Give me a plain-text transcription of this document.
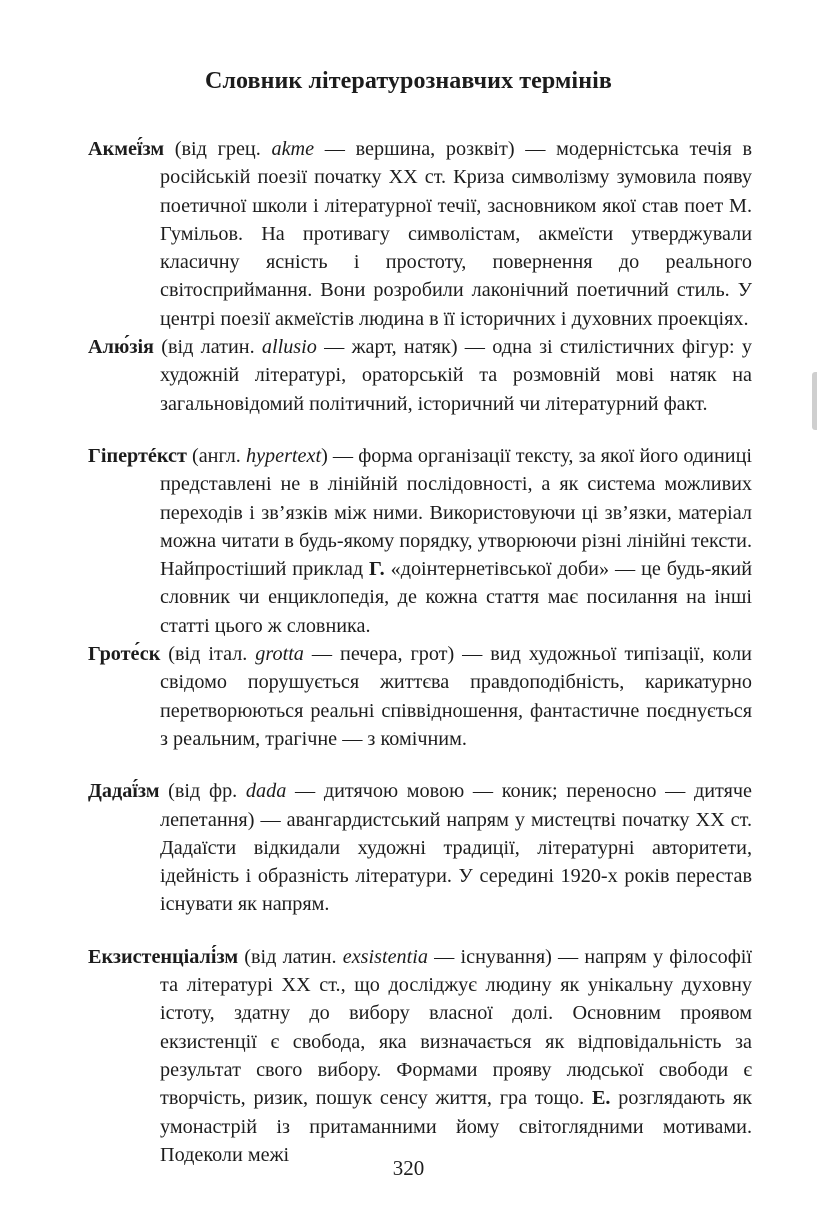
Словник літературознавчих термінів

Акмеї́зм (від грец. akme — вершина, розквіт) — модерністська течія в російській поезії початку XX ст. Криза символізму зумовила появу поетичної школи і літературної течії, засновником якої став поет М. Гумільов. На противагу символістам, акмеїсти утверджували класичну ясність і простоту, повернення до реального світосприймання. Вони розробили лаконічний поетичний стиль. У центрі поезії акмеїстів людина в її історичних і духовних проекціях.

Алю́зія (від латин. allusio — жарт, натяк) — одна зі стилістичних фігур: у художній літературі, ораторській та розмовній мові натяк на загальновідомий політичний, історичний чи літературний факт.

Гіпертéкст (англ. hypertext) — форма організації тексту, за якої його одиниці представлені не в лінійній послідовності, а як система можливих переходів і зв’язків між ними. Використовуючи ці зв’язки, матеріал можна читати в будь-якому порядку, утворюючи різні лінійні тексти. Найпростіший приклад Г. «доінтернетівської доби» — це будь-який словник чи енциклопедія, де кожна стаття має посилання на інші статті цього ж словника.

Гроте́ск (від італ. grotta — печера, грот) — вид художньої типізації, коли свідомо порушується життєва правдоподібність, карикатурно перетворюються реальні співвідношення, фантастичне поєднується з реальним, трагічне — з комічним.

Дадаї́зм (від фр. dada — дитячою мовою — коник; переносно — дитяче лепетання) — авангардистський напрям у мистецтві початку XX ст. Дадаїсти відкидали художні традиції, літературні авторитети, ідейність і образність літератури. У середині 1920-х років перестав існувати як напрям.

Екзистенціалі́зм (від латин. exsistentia — існування) — напрям у філософії та літературі XX ст., що досліджує людину як унікальну духовну істоту, здатну до вибору власної долі. Основним проявом екзистенції є свобода, яка визначається як відповідальність за результат свого вибору. Формами прояву людської свободи є творчість, ризик, пошук сенсу життя, гра тощо. Е. розглядають як умонастрій із притаманними йому світоглядними мотивами. Подеколи межі

320
